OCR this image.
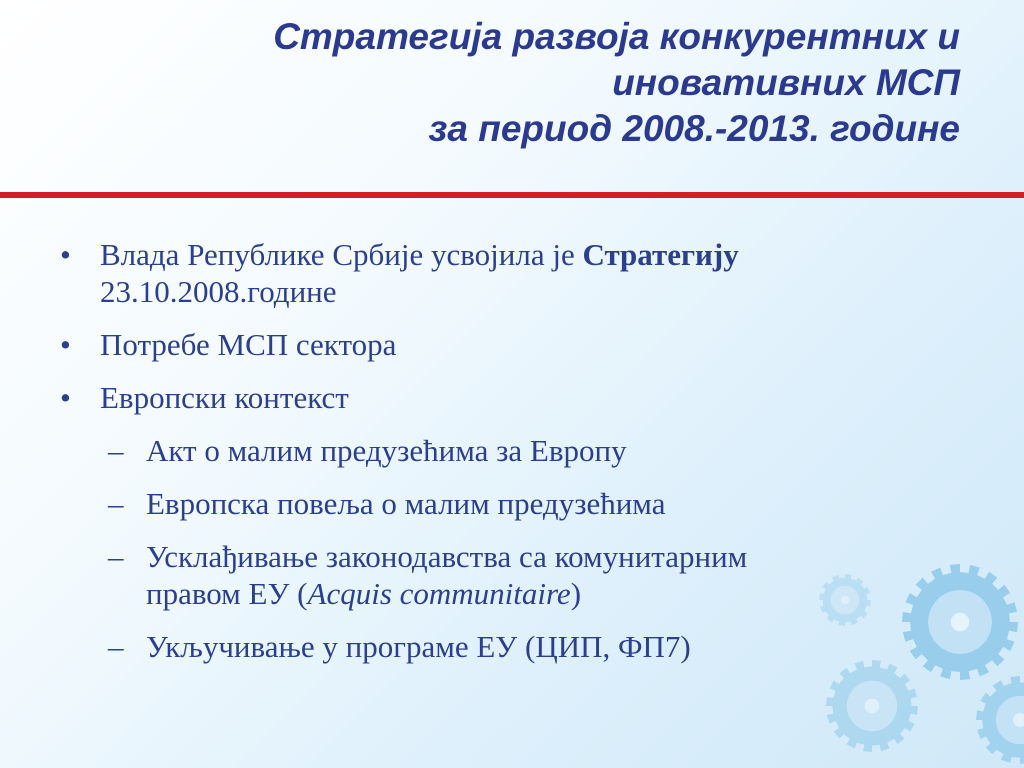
Стратегија развоја конкурентних и
иновативних МСП
за период 2008.-2013. године
• Влада Републике Србије усвојила је Стратегију
23.10.2008.године
• Потребе МСП сектора
• Европски контекст
– Акт о малим предузећима за Европу
– Европска повеља о малим предузећима
– Усклађивање законодавства са комунитарним
правом ЕУ (Acquis communitaire)
– Укључивање у програме ЕУ (ЦИП, ФП7)
